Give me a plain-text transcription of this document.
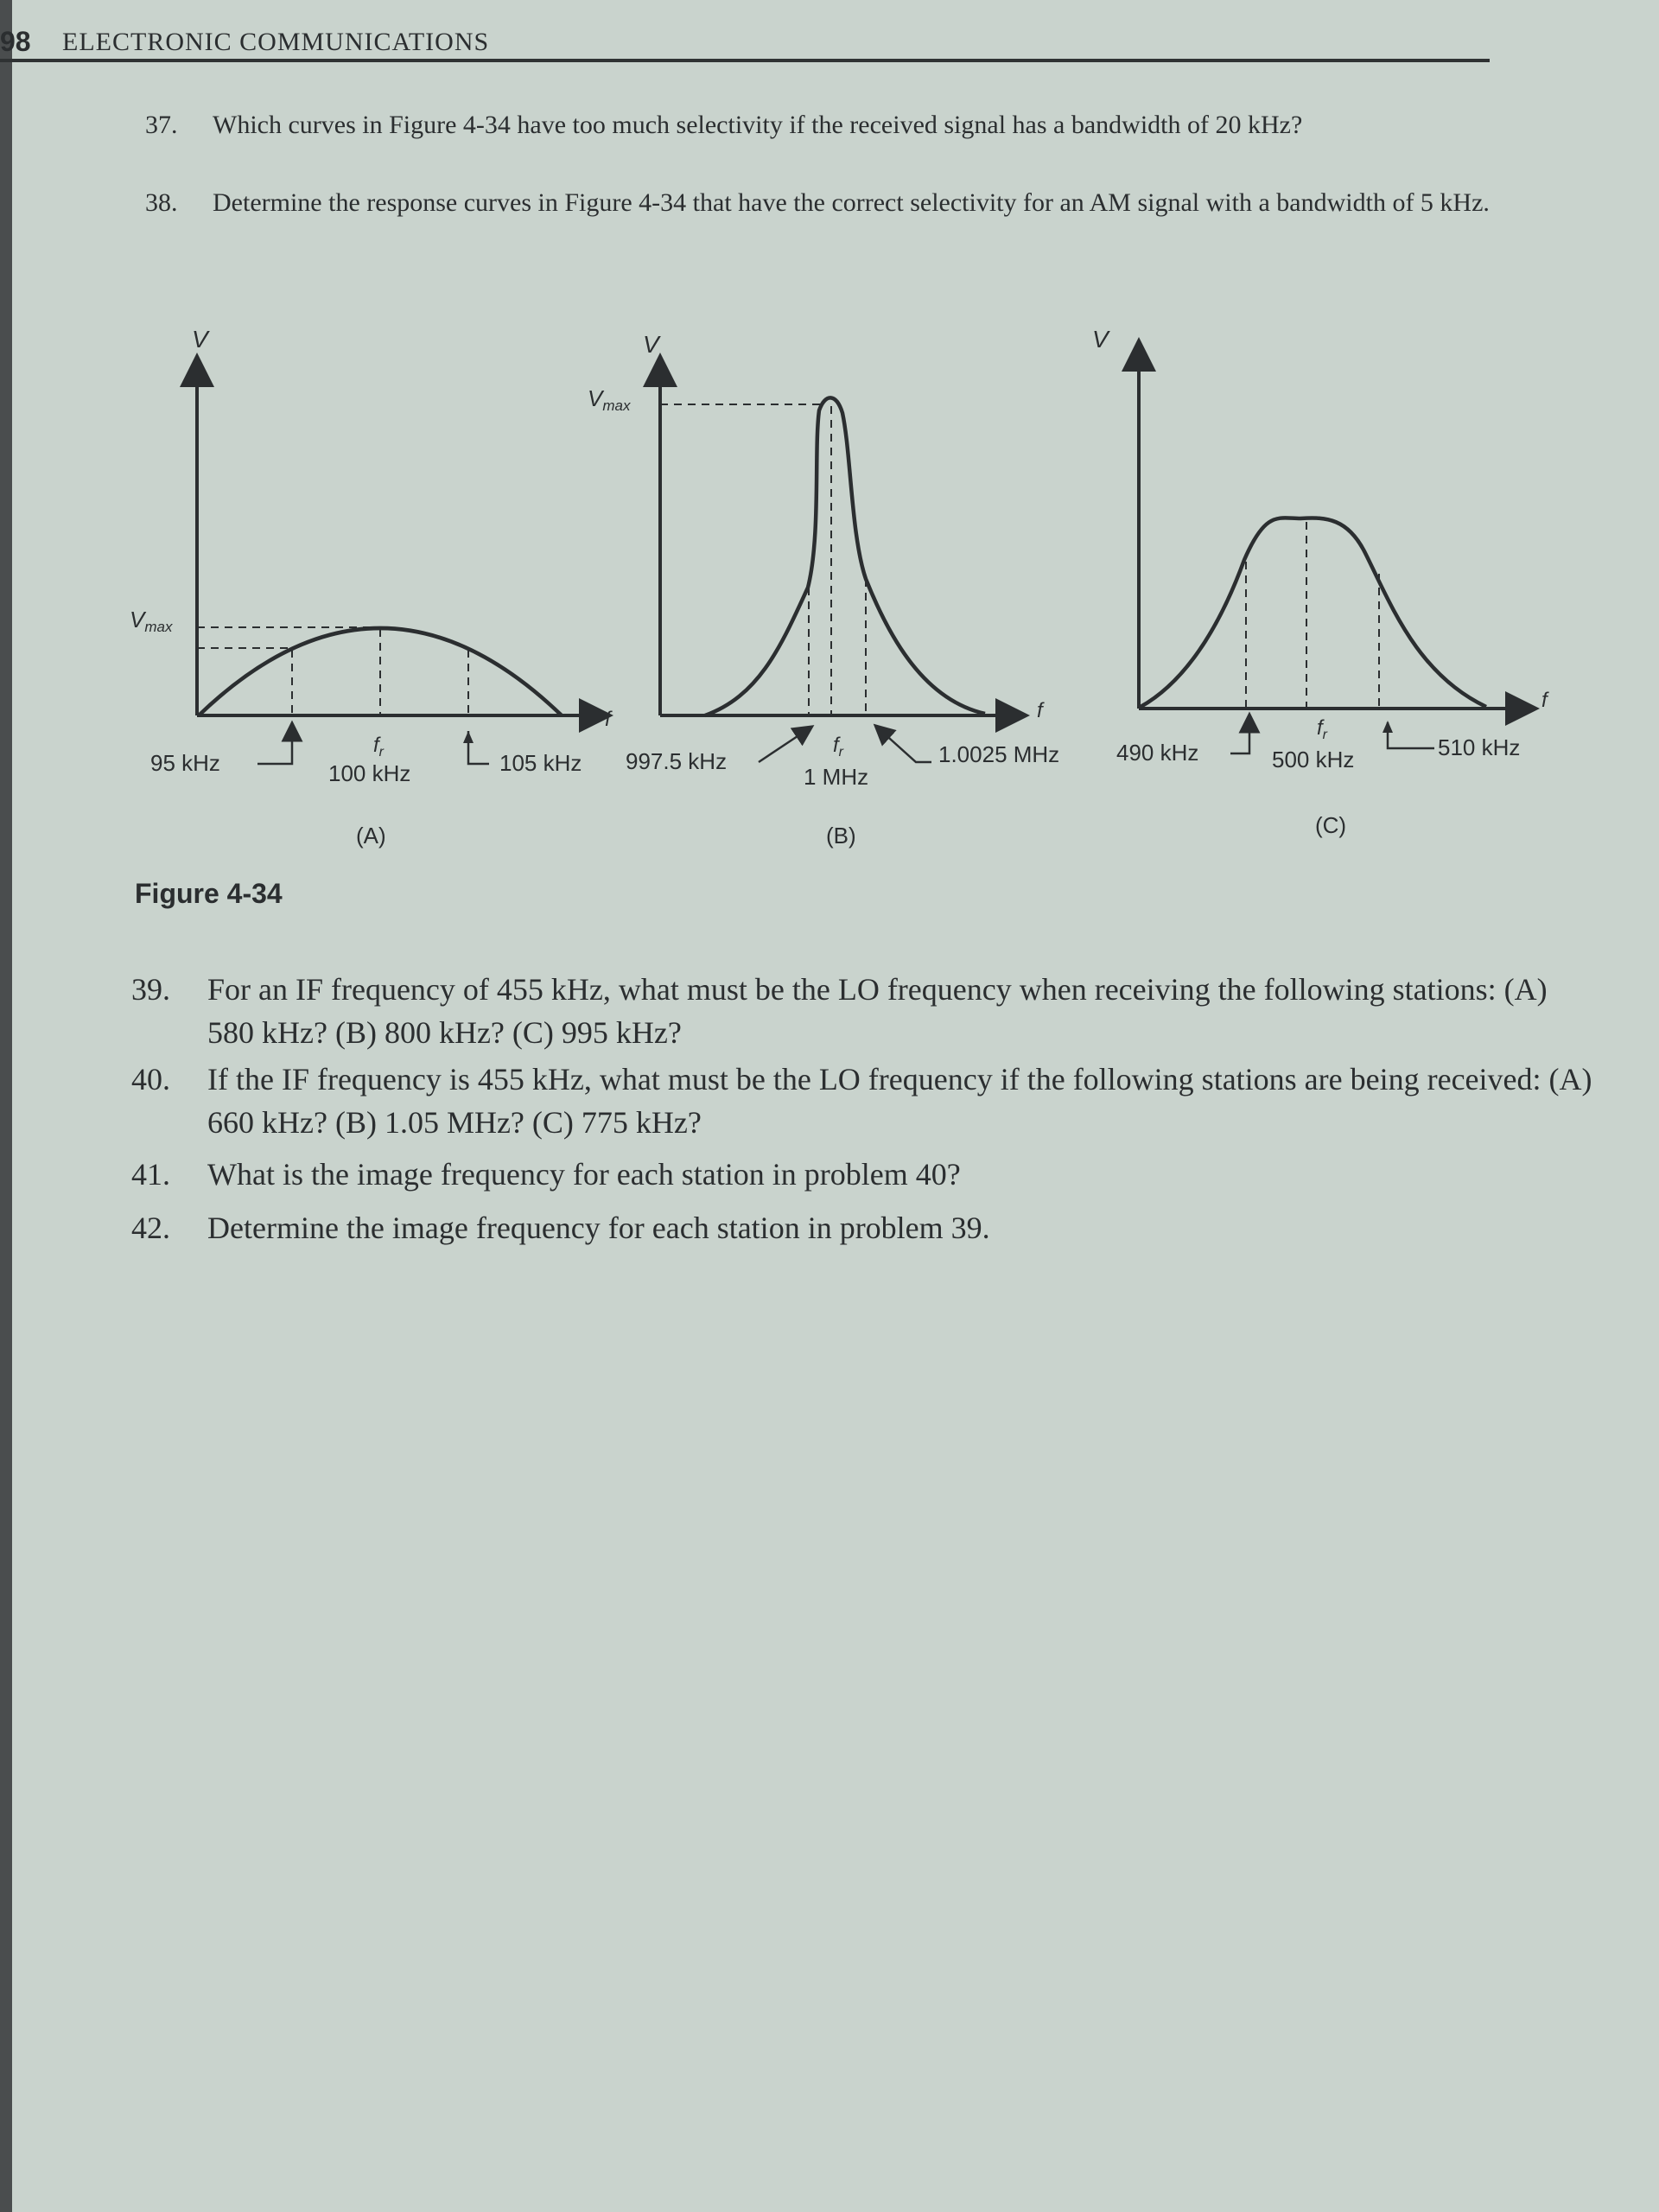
98 ELECTRONIC COMMUNICATIONS
37. Which curves in Figure 4-34 have too much selectivity if the received signal has a bandwidth of 20 kHz?
38. Determine the response curves in Figure 4-34 that have the correct selectivity for an AM signal with a bandwidth of 5 kHz.
V
f
Vmax
95 kHz
$f_r$
100 kHz	105 kHz
(A)
V
f
Vmax
997.5 kHz
$f_r$
1 MHz
1.0025 MHz
(B)
V
f
490 kHz
$f_r$
500 kHz	510 kHz
(C)
Figure 4-34
39. For an IF frequency of 455 kHz, what must be the LO frequency when receiving the following stations: (A) 580 kHz? (B) 800 kHz? (C) 995 kHz?
40. If the IF frequency is 455 kHz, what must be the LO frequency if the following stations are being received: (A) 660 kHz? (B) 1.05 MHz? (C) 775 kHz?
41. What is the image frequency for each station in problem 40?
42. Determine the image frequency for each station in problem 39.
